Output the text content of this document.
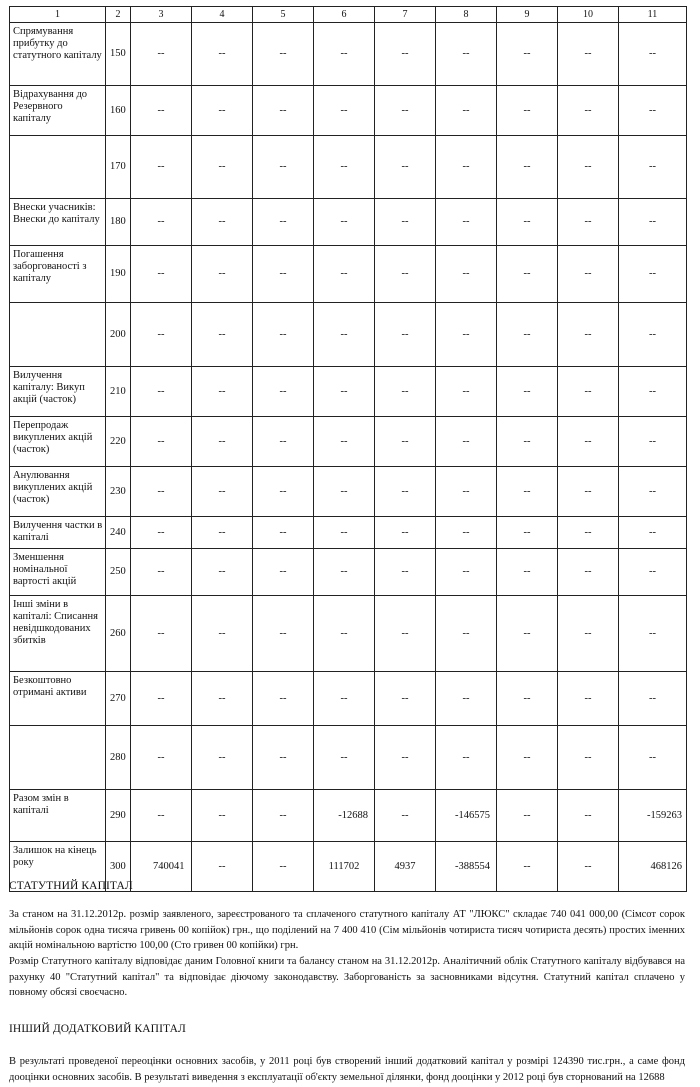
1	2	3	4	5	6	7	8	9	10	11
Спрямування прибутку до статутного капіталу	150	--	--	--	--	--	--	--	--	--
Відрахування до Резервного капіталу	160	--	--	--	--	--	--	--	--	--
	170	--	--	--	--	--	--	--	--	--
Внески учасників: Внески до капіталу	180	--	--	--	--	--	--	--	--	--
Погашення заборгованості з капіталу	190	--	--	--	--	--	--	--	--	--
	200	--	--	--	--	--	--	--	--	--
Вилучення капіталу: Викуп акцій (часток)	210	--	--	--	--	--	--	--	--	--
Перепродаж викуплених акцій (часток)	220	--	--	--	--	--	--	--	--	--
Анулювання викуплених акцій (часток)	230	--	--	--	--	--	--	--	--	--
Вилучення частки в капіталі	240	--	--	--	--	--	--	--	--	--
Зменшення номінальної вартості акцій	250	--	--	--	--	--	--	--	--	--
Інші зміни в капіталі: Списання невідшкодованих збитків	260	--	--	--	--	--	--	--	--	--
Безкоштовно отримані активи	270	--	--	--	--	--	--	--	--	--
	280	--	--	--	--	--	--	--	--	--
Разом змін в капіталі	290	--	--	--	-12688	--	-146575	--	--	-159263
Залишок на кінець року	300	740041	--	--	111702	4937	-388554	--	--	468126
СТАТУТНИЙ КАПІТАЛ
За станом на 31.12.2012р. розмір заявленого, зареєстрованого та сплаченого статутного капіталу АТ "ЛЮКС" складає 740 041 000,00 (Сімсот сорок мільйонів сорок одна тисяча гривень 00 копійок) грн., що поділений на 7 400 410 (Сім мільйонів чотириста тисяч чотириста десять) простих іменних акцій номінальною вартістю 100,00 (Сто гривен 00 копійки) грн.
Розмір Статутного капіталу відповідає даним Головної книги та балансу станом на 31.12.2012р. Аналітичний облік Статутного капіталу відбувався на рахунку 40 "Статутний капітал" та відповідає діючому законодавству. Заборгованість за засновниками відсутня. Статутний капітал сплачено у повному обсязі своєчасно.
ІНШИЙ ДОДАТКОВИЙ КАПІТАЛ
В результаті проведеної переоцінки основних засобів, у 2011 році був створений інший додатковий капітал у розмірі 124390 тис.грн., а саме фонд дооцінки основних засобів. В результаті виведення з експлуатації об'єкту земельної ділянки, фонд дооцінки у 2012 році був сторнований на 12688
